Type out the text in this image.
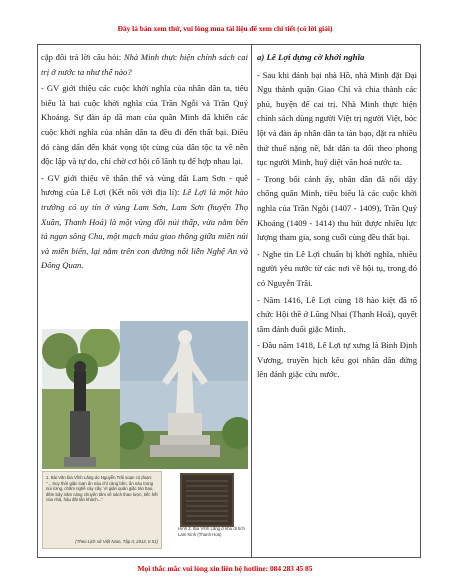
Đây là bản xem thử, vui lòng mua tài liệu để xem chi tiết (có lời giải)

cặp đôi trả lời câu hỏi: Nhà Minh thực hiện chính sách cai trị ở nước ta như thế nào?

- GV giới thiệu các cuộc khởi nghĩa của nhân dân ta, tiêu biểu là hai cuộc khởi nghĩa của Trần Ngỗi và Trần Quý Khoáng. Sự đàn áp dã man của quân Minh đã khiến các cuộc khởi nghĩa của nhân dân ta đều đi đến thất bại. Điều đó càng dấn đến khát vọng tột cùng của dân tộc ta về nền độc lập và tự do, chỉ chờ cơ hội cố lãnh tụ để hợp nhau lại.

- GV giới thiệu về thân thế và vùng đất Lam Sơn - quê hương của Lê Lợi (Kết nối với địa lí): Lê Lợi là một hào trưởng có uy tín ở vùng Lam Sơn, Lam Sơn (huyện Thọ Xuân, Thanh Hoá) là một vùng đồi núi thấp, vừa nằm bên tả ngạn sông Chu, một mạch máu giao thông giữa miền núi và miền biển, lại nằm trên con đường nối liền Nghệ An và Đông Quan.

a) Lê Lợi dựng cờ khởi nghĩa

- Sau khi đánh bại nhà Hồ, nhà Minh đặt Đại Ngu thành quận Giao Chỉ và chia thành các phủ, huyện để cai trị. Nhà Minh thực hiện chính sách dùng người Việt trị người Việt, bóc lột và đàn áp nhân dân ta tàn bạo, đặt ra nhiều thứ thuế nặng nề, bắt dân ta đổi theo phong tục người Minh, huỷ diệt văn hoá nước ta.

- Trong bối cảnh ấy, nhân dân đã nổi dậy chống quân Minh, tiêu biểu là các cuộc khởi nghĩa của Trần Ngỗi (1407 - 1409), Trần Quý Khoáng (1409 - 1414) thu hút được nhiều lực lượng tham gia, song cuối cùng đều thất bại.

- Nghe tin Lê Lợi chuẩn bị khởi nghĩa, nhiều người yêu nước từ các nơi về hội tụ, trong đó có Nguyễn Trãi.

- Năm 1416, Lê Lợi cùng 18 hào kiệt đã tổ chức Hội thề ở Lũng Nhai (Thanh Hoá), quyết tâm đánh đuổi giặc Minh.

- Đầu năm 1418, Lê Lợi tự xưng là Bình Định Vương, truyền hịch kêu gọi nhân dân đứng lên đánh giặc cứu nước.

1. Bài Văn bia Vĩnh Lăng do Nguyễn Trãi soạn có đoạn: "... Suy thời giặc loạn ẩn náu chỉ càng bền, ẩn náu trong núi rừng, chăm nghề cày cấy. Vì giận quân giặc tàn bạo, đêm bảy năm càng chuyên tâm về sách thao lược, tiếc hết của nhà, hậu đãi tân khách..."
(Theo Lịch sử Việt Nam, Tập II, 2012, tr.51)
Hình 2. Bia Vĩnh Lăng ở khu di tích Lam Kinh (Thanh Hoá)
Mọi thắc mắc vui lòng xin liên hệ hotline: 084 283 45 85
